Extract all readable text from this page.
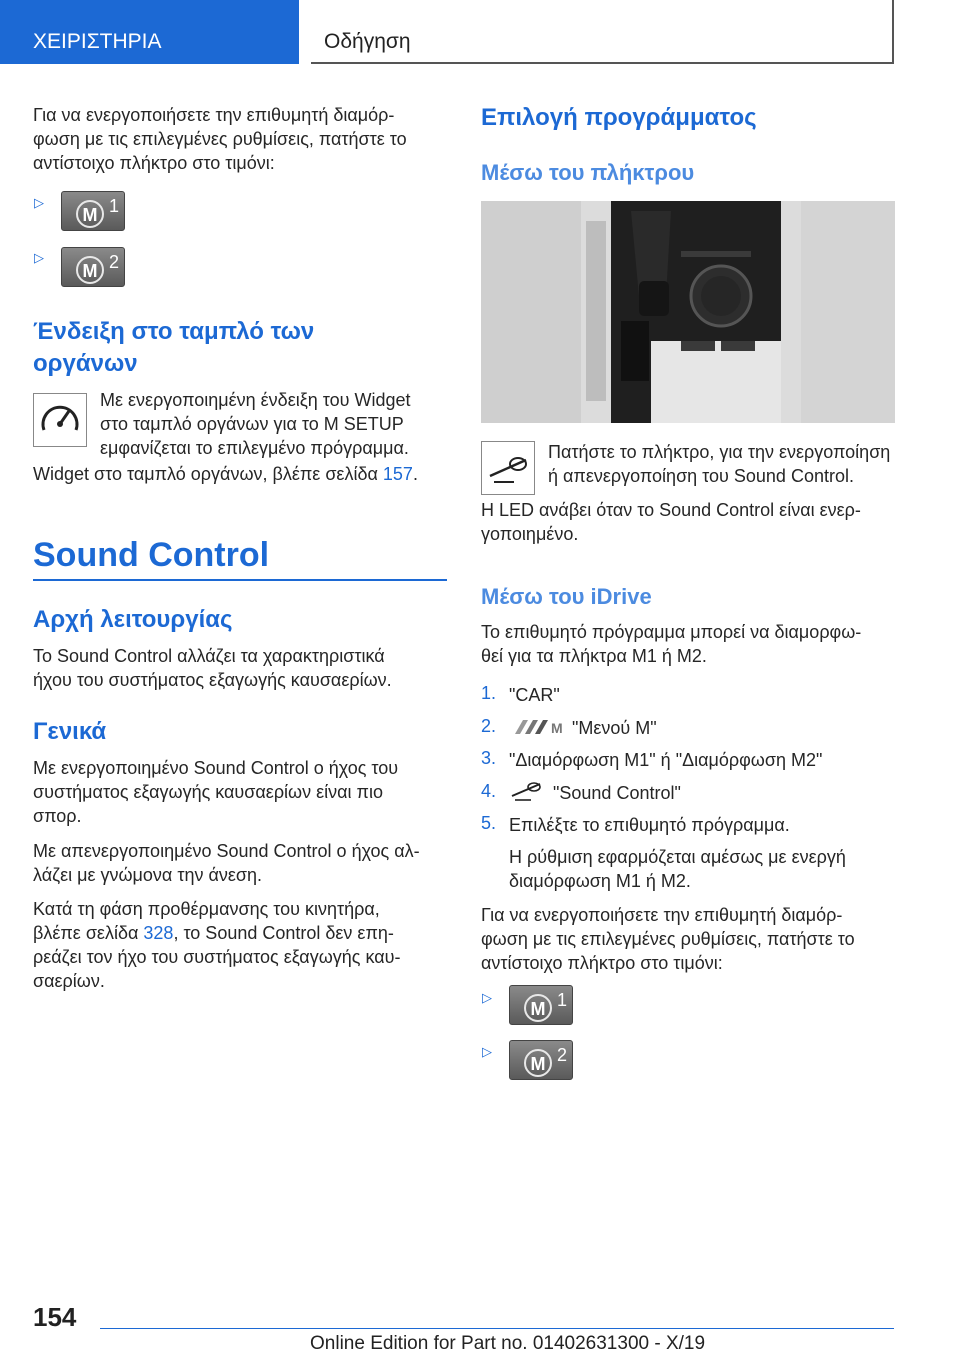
ΧΕΙΡΙΣΤΗΡΙΑ	Οδήγηση

Για να ενεργοποιήσετε την επιθυμητή διαμόρ-
φωση με τις επιλεγμένες ρυθμίσεις, πατήστε το
αντίστοιχο πλήκτρο στο τιμόνι:

▷
M 1
▷
M 2
Ένδειξη στο ταμπλό των
οργάνων

Με ενεργοποιημένη ένδειξη του Widget
στο ταμπλό οργάνων για το M SETUP
εμφανίζεται το επιλεγμένο πρόγραμμα.

Widget στο ταμπλό οργάνων, βλέπε σελίδα 157.

Sound Control
Αρχή λειτουργίας

Το Sound Control αλλάζει τα χαρακτηριστικά
ήχου του συστήματος εξαγωγής καυσαερίων.

Γενικά

Με ενεργοποιημένο Sound Control ο ήχος του
συστήματος εξαγωγής καυσαερίων είναι πιο
σπορ.

Με απενεργοποιημένο Sound Control ο ήχος αλ-
λάζει με γνώμονα την άνεση.

Κατά τη φάση προθέρμανσης του κινητήρα,
βλέπε σελίδα 328, το Sound Control δεν επη-
ρεάζει τον ήχο του συστήματος εξαγωγής καυ-
σαερίων.

Επιλογή προγράμματος
Μέσω του πλήκτρου

Πατήστε το πλήκτρο, για την ενεργοποίηση
ή απενεργοποίηση του Sound Control.

Η LED ανάβει όταν το Sound Control είναι ενερ-
γοποιημένο.

Μέσω του iDrive

Το επιθυμητό πρόγραμμα μπορεί να διαμορφω-
θεί για τα πλήκτρα M1 ή M2.

1. "CAR"
2.	M "Μενού M"
3. "Διαμόρφωση M1" ή "Διαμόρφωση M2"
4.	"Sound Control"
5. Επιλέξτε το επιθυμητό πρόγραμμα.

Η ρύθμιση εφαρμόζεται αμέσως με ενεργή
διαμόρφωση M1 ή M2.

Για να ενεργοποιήσετε την επιθυμητή διαμόρ-
φωση με τις επιλεγμένες ρυθμίσεις, πατήστε το
αντίστοιχο πλήκτρο στο τιμόνι:

▷
M 1
▷
M 2
154
Online Edition for Part no. 01402631300 - X/19
